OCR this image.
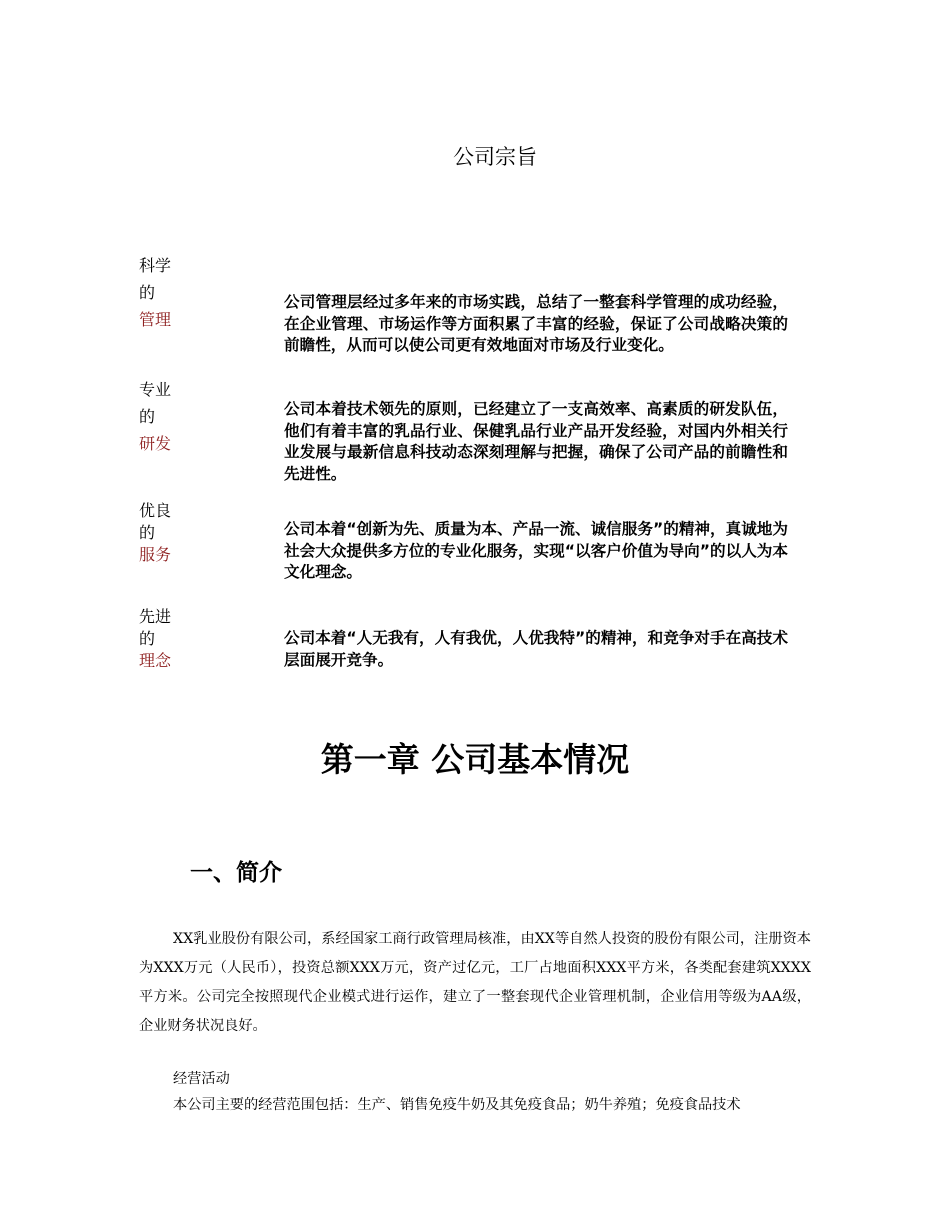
公司宗旨
科学
的
管理
公司管理层经过多年来的市场实践，总结了一整套科学管理的成功经验，在企业管理、市场运作等方面积累了丰富的经验，保证了公司战略决策的前瞻性，从而可以使公司更有效地面对市场及行业变化。
专业
的
研发
公司本着技术领先的原则，已经建立了一支高效率、高素质的研发队伍，他们有着丰富的乳品行业、保健乳品行业产品开发经验，对国内外相关行业发展与最新信息科技动态深刻理解与把握，确保了公司产品的前瞻性和先进性。
优良
的
服务
公司本着“创新为先、质量为本、产品一流、诚信服务”的精神，真诚地为社会大众提供多方位的专业化服务，实现“以客户价值为导向”的以人为本文化理念。
先进
的
理念
公司本着“人无我有，人有我优，人优我特”的精神，和竞争对手在高技术层面展开竞争。
第一章 公司基本情况
一、简介
XX乳业股份有限公司，系经国家工商行政管理局核准，由XX等自然人投资的股份有限公司，注册资本为XXX万元（人民币），投资总额XXX万元，资产过亿元，工厂占地面积XXX平方米，各类配套建筑XXXX平方米。公司完全按照现代企业模式进行运作，建立了一整套现代企业管理机制，企业信用等级为AA级， 企业财务状况良好。
经营活动
本公司主要的经营范围包括：生产、销售免疫牛奶及其免疫食品；奶牛养殖；免疫食品技术
